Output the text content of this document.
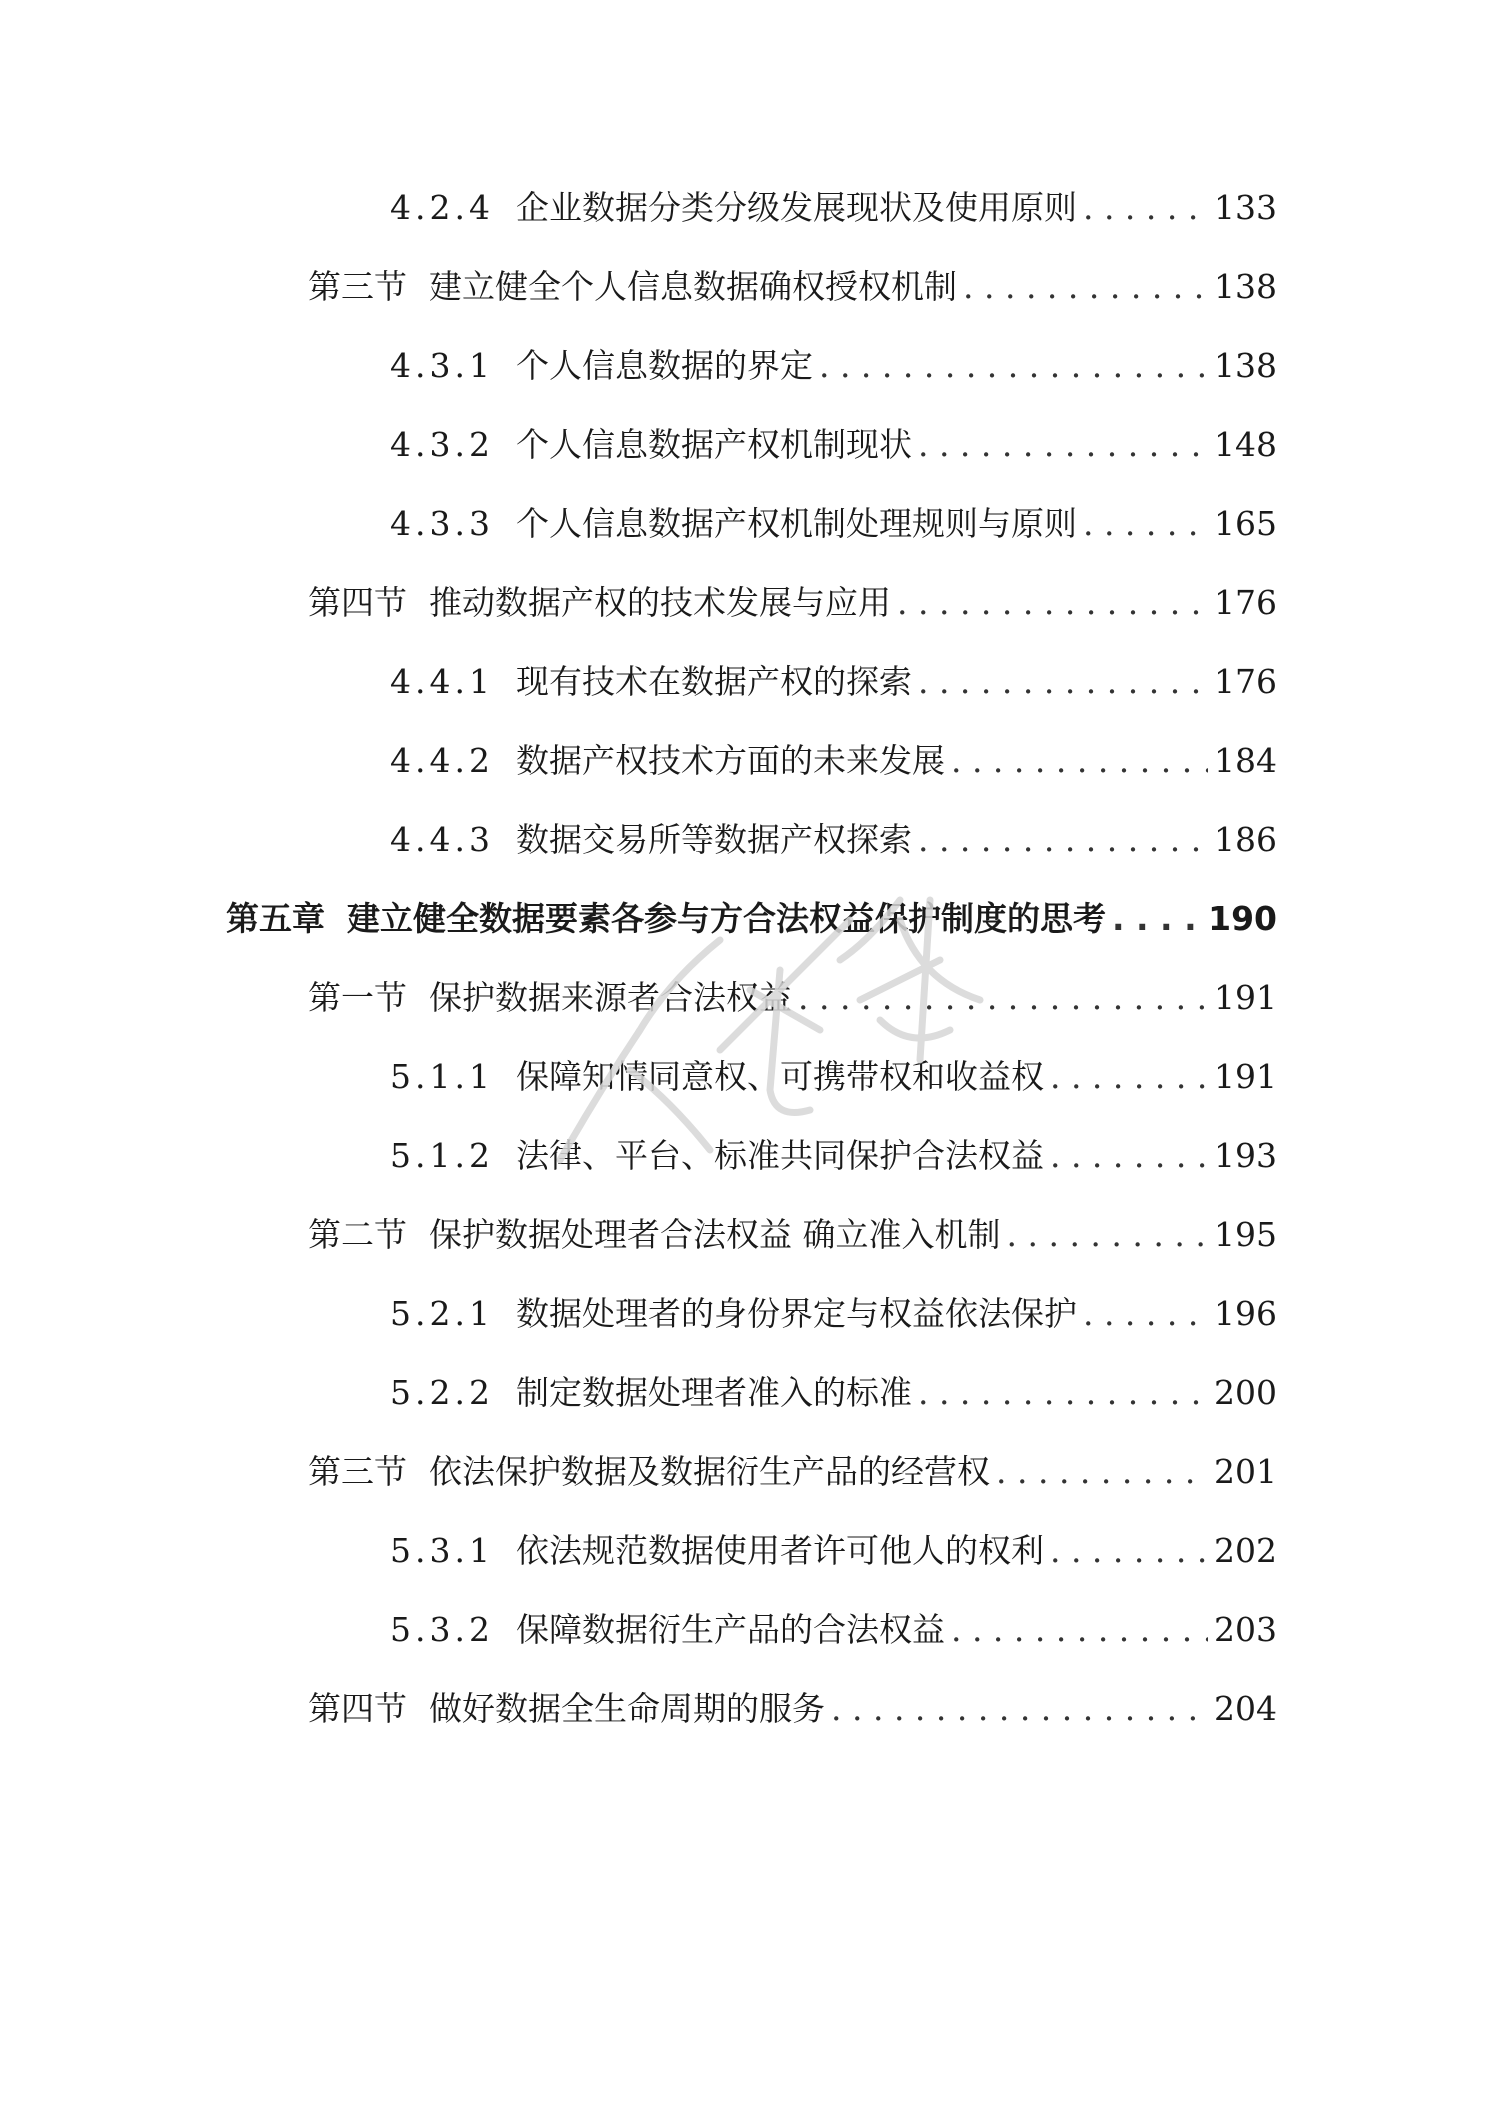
4.2.4 企业数据分类分级发展现状及使用原则 . . .	133
第三节 建立健全个人信息数据确权授权机制 . . .	138
4.3.1 个人信息数据的界定 . . .	138
4.3.2 个人信息数据产权机制现状 . . .	148
4.3.3 个人信息数据产权机制处理规则与原则 . . .	165
第四节 推动数据产权的技术发展与应用 . . .	176
4.4.1 现有技术在数据产权的探索 . . .	176
4.4.2 数据产权技术方面的未来发展 . . .	184
4.4.3 数据交易所等数据产权探索 . . .	186
第五章 建立健全数据要素各参与方合法权益保护制度的思考 . . .	190
第一节 保护数据来源者合法权益 . . .	191
5.1.1 保障知情同意权、可携带权和收益权 . . .	191
5.1.2 法律、平台、标准共同保护合法权益 . . .	193
第二节 保护数据处理者合法权益 确立准入机制 . . .	195
5.2.1 数据处理者的身份界定与权益依法保护 . . .	196
5.2.2 制定数据处理者准入的标准 . . .	200
第三节 依法保护数据及数据衍生产品的经营权 . . .	201
5.3.1 依法规范数据使用者许可他人的权利 . . .	202
5.3.2 保障数据衍生产品的合法权益 . . .	203
第四节 做好数据全生命周期的服务 . . .	204
